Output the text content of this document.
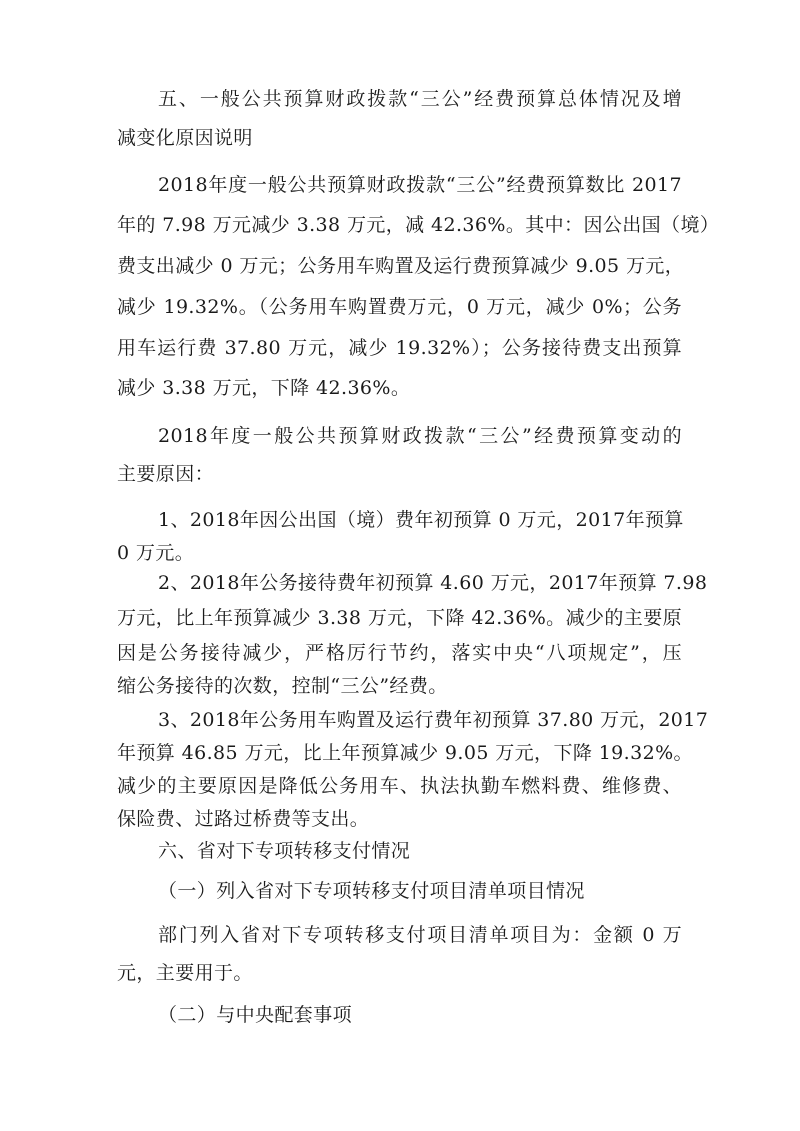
五、一般公共预算财政拨款“三公”经费预算总体情况及增
减变化原因说明
2018年度一般公共预算财政拨款“三公”经费预算数比 2017
年的 7.98 万元减少 3.38 万元，减 42.36%。其中：因公出国（境）
费支出减少 0 万元；公务用车购置及运行费预算减少 9.05 万元，
减少 19.32%。（公务用车购置费万元，0 万元，减少 0%；公务
用车运行费 37.80 万元，减少 19.32%）；公务接待费支出预算
减少 3.38 万元，下降 42.36%。
2018年度一般公共预算财政拨款“三公”经费预算变动的
主要原因：
1、2018年因公出国（境）费年初预算 0 万元，2017年预算
0 万元。
2、2018年公务接待费年初预算 4.60 万元，2017年预算 7.98
万元，比上年预算减少 3.38 万元，下降 42.36%。减少的主要原
因是公务接待减少，严格厉行节约，落实中央“八项规定”，压
缩公务接待的次数，控制“三公”经费。
3、2018年公务用车购置及运行费年初预算 37.80 万元，2017
年预算 46.85 万元，比上年预算减少 9.05 万元，下降 19.32%。
减少的主要原因是降低公务用车、执法执勤车燃料费、维修费、
保险费、过路过桥费等支出。
六、省对下专项转移支付情况
（一）列入省对下专项转移支付项目清单项目情况
部门列入省对下专项转移支付项目清单项目为：金额 0 万
元，主要用于。
（二）与中央配套事项
